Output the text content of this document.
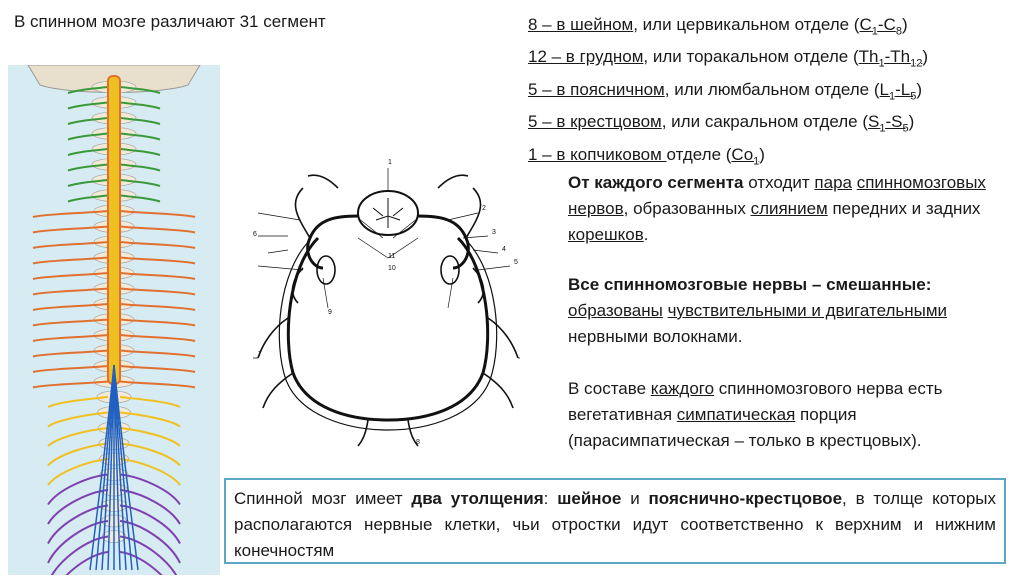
В спинном мозге различают 31 сегмент	8 – в шейном, или цервикальном отделе $(C_1-C_8)$
12 – в грудном, или торакальном отделе $(Th_1-Th_{12})$
5 – в поясничном, или люмбальном отделе $(L_1-L_5)$
5 – в крестцовом, или сакральном отделе $(S_1-S_5)$
1 – в копчиковом отделе $(Co_1)$
1
2
3
4
5
6
7
8
9
10
11
От каждого сегмента отходит пара спинномозговых нервов, образованных слиянием передних и задних корешков.
Все спинномозговые нервы – смешанные: образованы чувствительными и двигательными нервными волокнами.
В составе каждого спинномозгового нерва есть вегетативная симпатическая порция (парасимпатическая – только в крестцовых).
Спинной мозг имеет два утолщения: шейное и пояснично-крестцовое, в толще которых располагаются нервные клетки, чьи отростки идут соответственно к верхним и нижним конечностям
